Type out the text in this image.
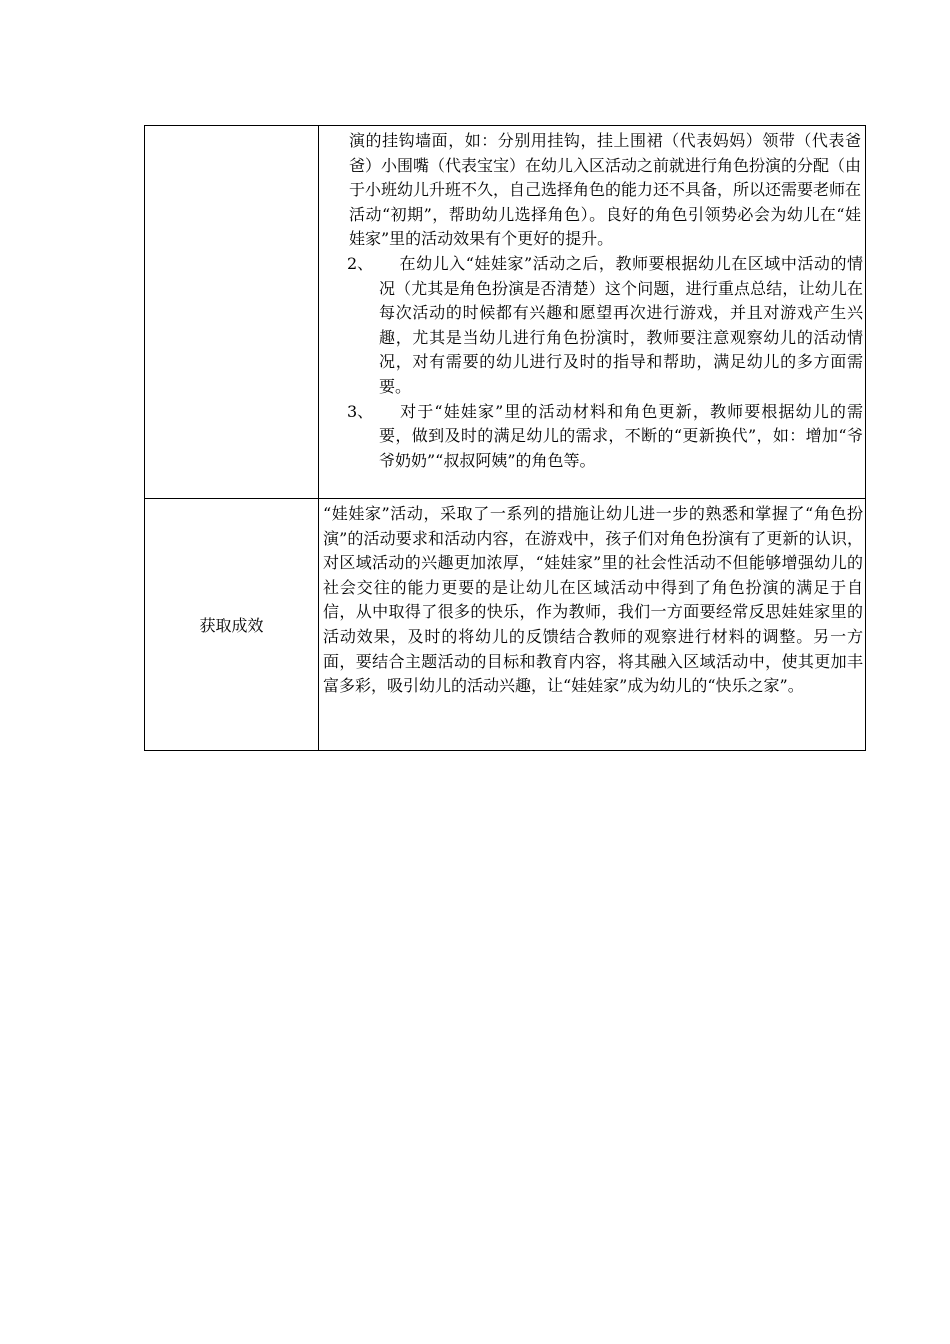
	演的挂钩墙面，如：分别用挂钩，挂上围裙（代表妈妈）领带（代表爸爸）小围嘴（代表宝宝）在幼儿入区活动之前就进行角色扮演的分配（由于小班幼儿升班不久，自己选择角色的能力还不具备，所以还需要老师在活动“初期”，帮助幼儿选择角色）。良好的角色引领势必会为幼儿在“娃娃家”里的活动效果有个更好的提升。
2、 在幼儿入“娃娃家”活动之后，教师要根据幼儿在区域中活动的情况（尤其是角色扮演是否清楚）这个问题，进行重点总结，让幼儿在每次活动的时候都有兴趣和愿望再次进行游戏，并且对游戏产生兴趣，尤其是当幼儿进行角色扮演时，教师要注意观察幼儿的活动情况，对有需要的幼儿进行及时的指导和帮助，满足幼儿的多方面需要。
3、 对于“娃娃家”里的活动材料和角色更新，教师要根据幼儿的需要，做到及时的满足幼儿的需求，不断的“更新换代”，如：增加“爷爷奶奶”“叔叔阿姨”的角色等。

获取成效	“娃娃家”活动，采取了一系列的措施让幼儿进一步的熟悉和掌握了“角色扮演”的活动要求和活动内容，在游戏中，孩子们对角色扮演有了更新的认识，对区域活动的兴趣更加浓厚，“娃娃家”里的社会性活动不但能够增强幼儿的社会交往的能力更要的是让幼儿在区域活动中得到了角色扮演的满足于自信，从中取得了很多的快乐，作为教师，我们一方面要经常反思娃娃家里的活动效果，及时的将幼儿的反馈结合教师的观察进行材料的调整。另一方面，要结合主题活动的目标和教育内容，将其融入区域活动中，使其更加丰富多彩，吸引幼儿的活动兴趣，让“娃娃家”成为幼儿的“快乐之家”。
